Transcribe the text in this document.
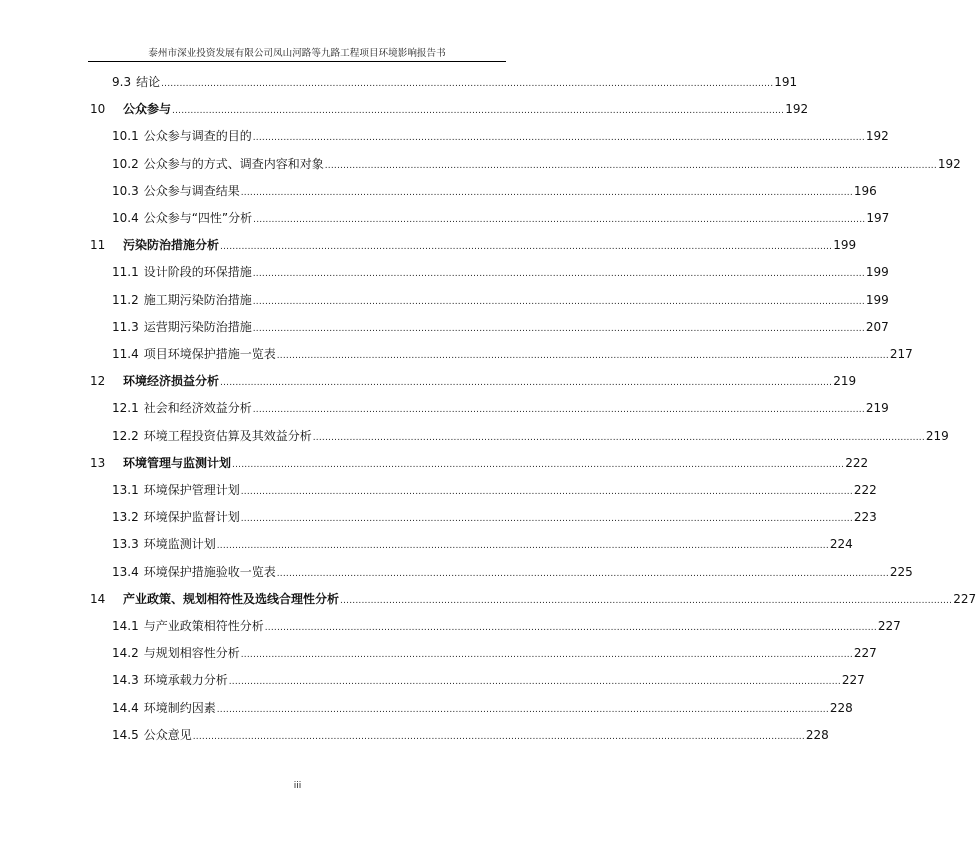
泰州市深业投资发展有限公司凤山河路等九路工程项目环境影响报告书
9.3 结论 ........................................................................................................................................................................................................ 191
10	公众参与 ........................................................................................................................................................................................................ 192
10.1 公众参与调查的目的 ........................................................................................................................................................................................................ 192
10.2 公众参与的方式、调查内容和对象 ........................................................................................................................................................................................................ 192
10.3 公众参与调查结果 ........................................................................................................................................................................................................ 196
10.4 公众参与“四性”分析 ........................................................................................................................................................................................................ 197
11	污染防治措施分析 ........................................................................................................................................................................................................ 199
11.1 设计阶段的环保措施 ........................................................................................................................................................................................................ 199
11.2 施工期污染防治措施 ........................................................................................................................................................................................................ 199
11.3 运营期污染防治措施 ........................................................................................................................................................................................................ 207
11.4 项目环境保护措施一览表 ........................................................................................................................................................................................................ 217
12	环境经济损益分析 ........................................................................................................................................................................................................ 219
12.1 社会和经济效益分析 ........................................................................................................................................................................................................ 219
12.2 环境工程投资估算及其效益分析 ........................................................................................................................................................................................................ 219
13	环境管理与监测计划 ........................................................................................................................................................................................................ 222
13.1 环境保护管理计划 ........................................................................................................................................................................................................ 222
13.2 环境保护监督计划 ........................................................................................................................................................................................................ 223
13.3 环境监测计划 ........................................................................................................................................................................................................ 224
13.4 环境保护措施验收一览表 ........................................................................................................................................................................................................ 225
14	产业政策、规划相符性及选线合理性分析 ........................................................................................................................................................................................................ 227
14.1 与产业政策相符性分析 ........................................................................................................................................................................................................ 227
14.2 与规划相容性分析 ........................................................................................................................................................................................................ 227
14.3 环境承载力分析 ........................................................................................................................................................................................................ 227
14.4 环境制约因素 ........................................................................................................................................................................................................ 228
14.5 公众意见 ........................................................................................................................................................................................................ 228
iii
